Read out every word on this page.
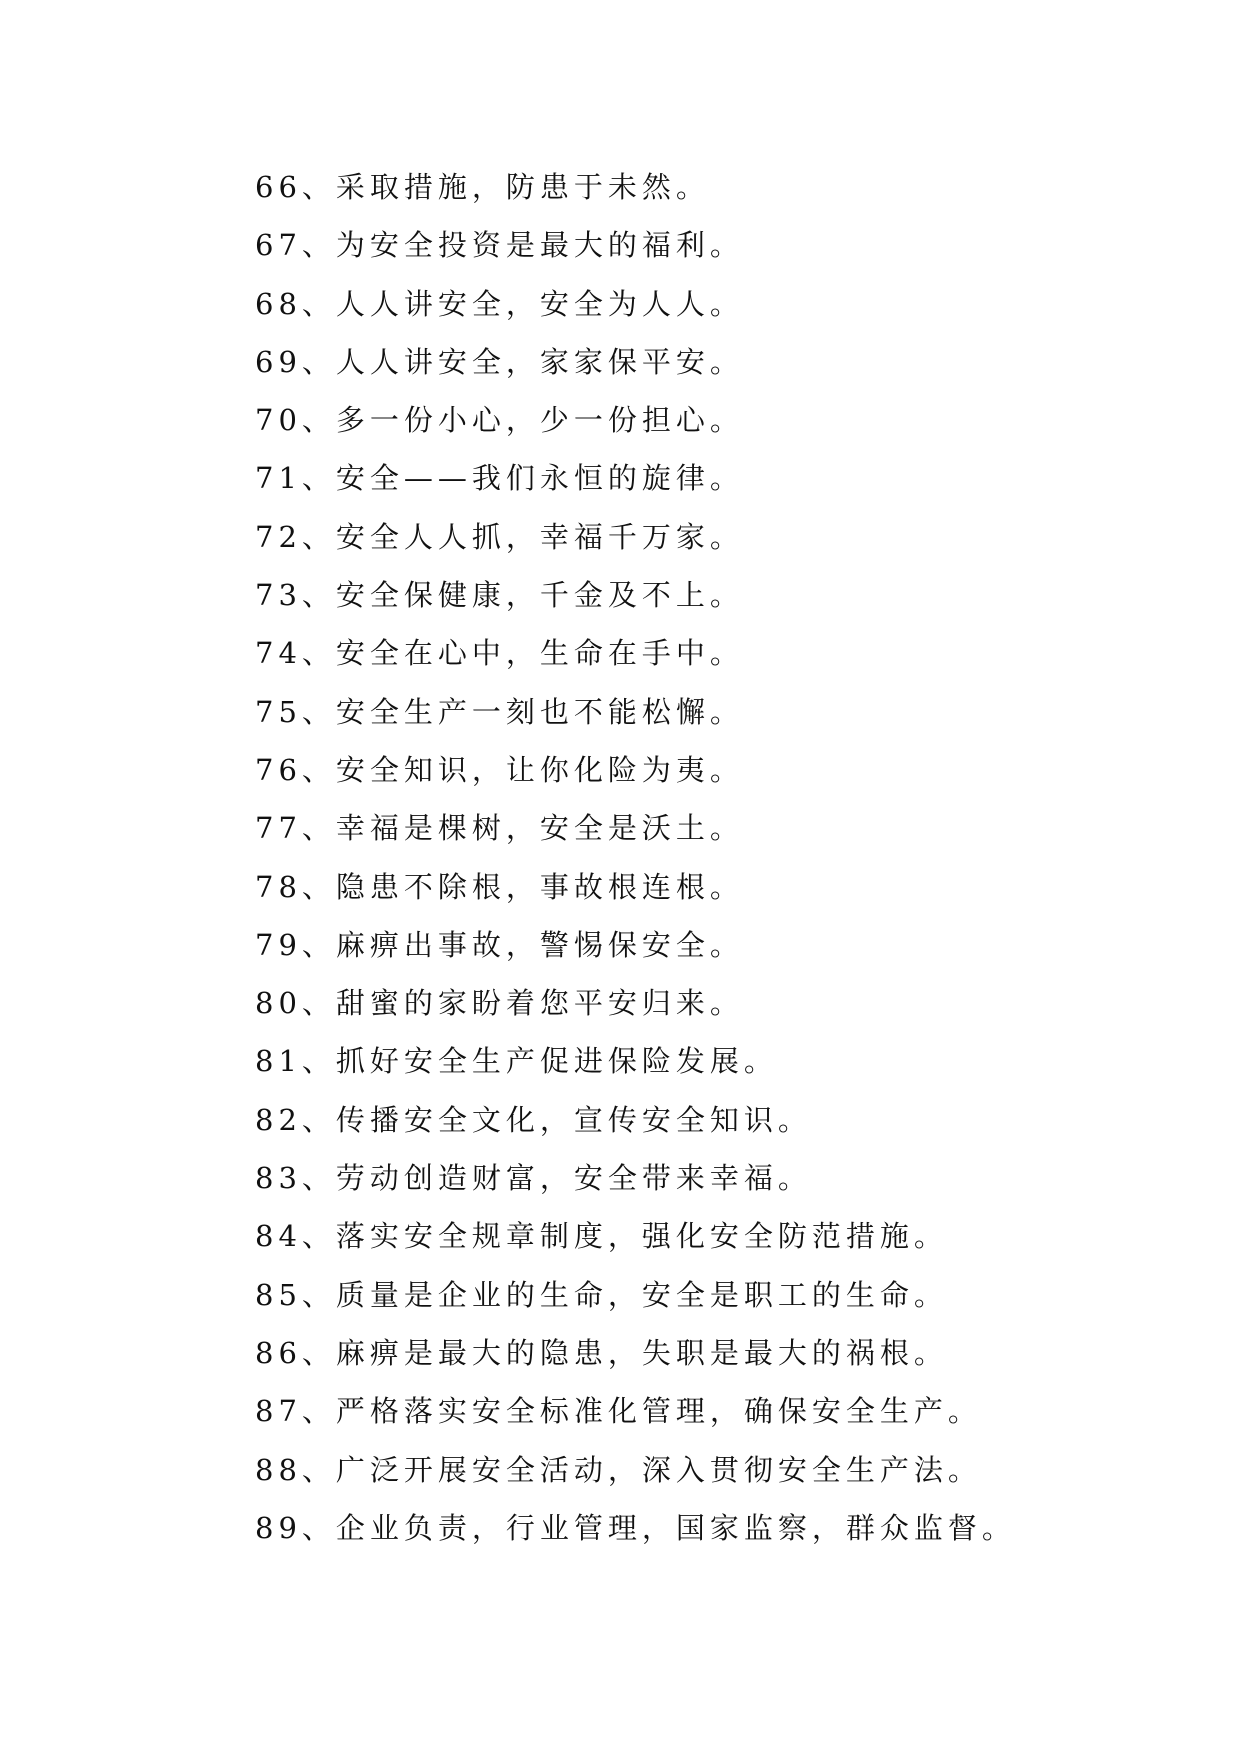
66、采取措施，防患于未然。
67、为安全投资是最大的福利。
68、人人讲安全，安全为人人。
69、人人讲安全，家家保平安。
70、多一份小心，少一份担心。
71、安全——我们永恒的旋律。
72、安全人人抓，幸福千万家。
73、安全保健康，千金及不上。
74、安全在心中，生命在手中。
75、安全生产一刻也不能松懈。
76、安全知识，让你化险为夷。
77、幸福是棵树，安全是沃土。
78、隐患不除根，事故根连根。
79、麻痹出事故，警惕保安全。
80、甜蜜的家盼着您平安归来。
81、抓好安全生产促进保险发展。
82、传播安全文化，宣传安全知识。
83、劳动创造财富，安全带来幸福。
84、落实安全规章制度，强化安全防范措施。
85、质量是企业的生命，安全是职工的生命。
86、麻痹是最大的隐患，失职是最大的祸根。
87、严格落实安全标准化管理，确保安全生产。
88、广泛开展安全活动，深入贯彻安全生产法。
89、企业负责，行业管理，国家监察，群众监督。
